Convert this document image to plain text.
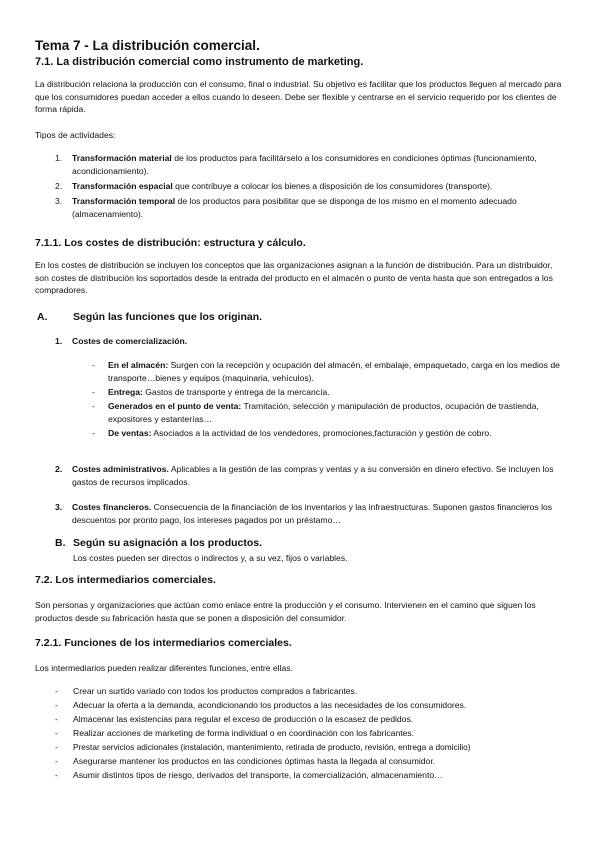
Tema 7 - La distribución comercial.
7.1. La distribución comercial como instrumento de marketing.
La distribución relaciona la producción con el consumo, final o industrial. Su objetivo es facilitar que los productos lleguen al mercado para que los consumidores puedan acceder a ellos cuando lo deseen. Debe ser flexible y centrarse en el servicio requerido por los clientes de forma rápida.
Tipos de actividades:
1. Transformación material de los productos para facilitárselo a los consumidores en condiciones óptimas (funcionamiento, acondicionamiento).
2. Transformación espacial que contribuye a colocar los bienes a disposición de los consumidores (transporte).
3. Transformación temporal de los productos para posibilitar que se disponga de los mismo en el momento adecuado (almacenamiento).
7.1.1. Los costes de distribución: estructura y cálculo.
En los costes de distribución se incluyen los conceptos que las organizaciones asignan a la función de distribución. Para un distribuidor, son costes de distribución los soportados desde la entrada del producto en el almacén o punto de venta hasta que son entregados a los compradores.
A. Según las funciones que los originan.
1. Costes de comercialización.
- En el almacén: Surgen con la recepción y ocupación del almacén, el embalaje, empaquetado, carga en los medios de transporte…bienes y equipos (maquinaria, vehículos).
- Entrega: Gastos de transporte y entrega de la mercancía.
- Generados en el punto de venta: Tramitación, selección y manipulación de productos, ocupación de trastienda, expositores y estanterías…
- De ventas: Asociados a la actividad de los vendedores, promociones,facturación y gestión de cobro.
2. Costes administrativos. Aplicables a la gestión de las compras y ventas y a su conversión en dinero efectivo. Se incluyen los gastos de recursos implicados.
3. Costes financieros. Consecuencia de la financiación de los inventarios y las infraestructuras. Suponen gastos financieros los descuentos por pronto pago, los intereses pagados por un préstamo…
B. Según su asignación a los productos.
Los costes pueden ser directos o indirectos y, a su vez, fijos o variables.
7.2. Los intermediarios comerciales.
Son personas y organizaciones que actúan como enlace entre la producción y el consumo. Intervienen en el camino que siguen los productos desde su fabricación hasta que se ponen a disposición del consumidor.
7.2.1. Funciones de los intermediarios comerciales.
Los intermediarios pueden realizar diferentes funciones, entre ellas.
- Crear un surtido variado con todos los productos comprados a fabricantes.
- Adecuar la oferta a la demanda, acondicionando los productos a las necesidades de los consumidores.
- Almacenar las existencias para regular el exceso de producción o la escasez de pedidos.
- Realizar acciones de marketing de forma individual o en coordinación con los fabricantes.
- Prestar servicios adicionales (instalación, mantenimiento, retirada de producto, revisión, entrega a domicilio)
- Asegurarse mantener los productos en las condiciones óptimas hasta la llegada al consumidor.
- Asumir distintos tipos de riesgo, derivados del transporte, la comercialización, almacenamiento…
